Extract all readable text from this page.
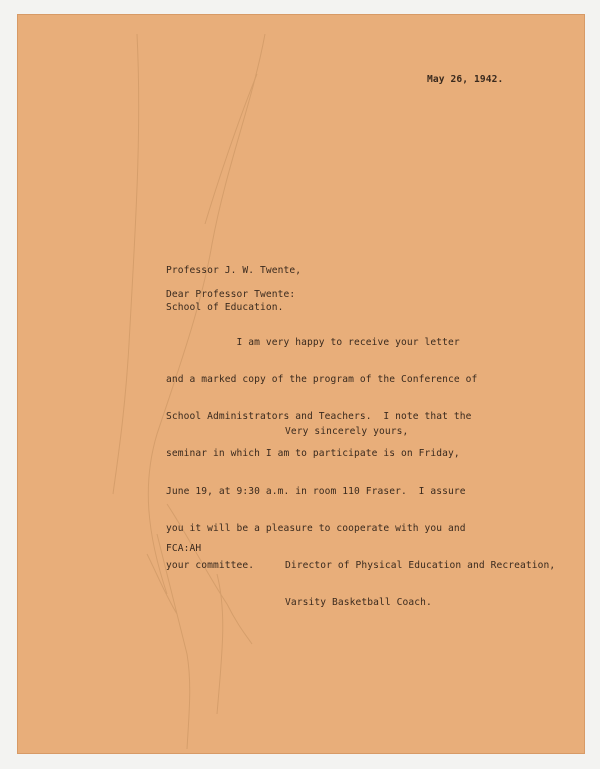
May 26, 1942.

Professor J. W. Twente,

School of Education.

Dear Professor Twente:

I am very happy to receive your letter

and a marked copy of the program of the Conference of

School Administrators and Teachers.  I note that the

seminar in which I am to participate is on Friday,

June 19, at 9:30 a.m. in room 110 Fraser.  I assure

you it will be a pleasure to cooperate with you and

your committee.

Very sincerely yours,
FCA:AH

Director of Physical Education and Recreation,

Varsity Basketball Coach.
